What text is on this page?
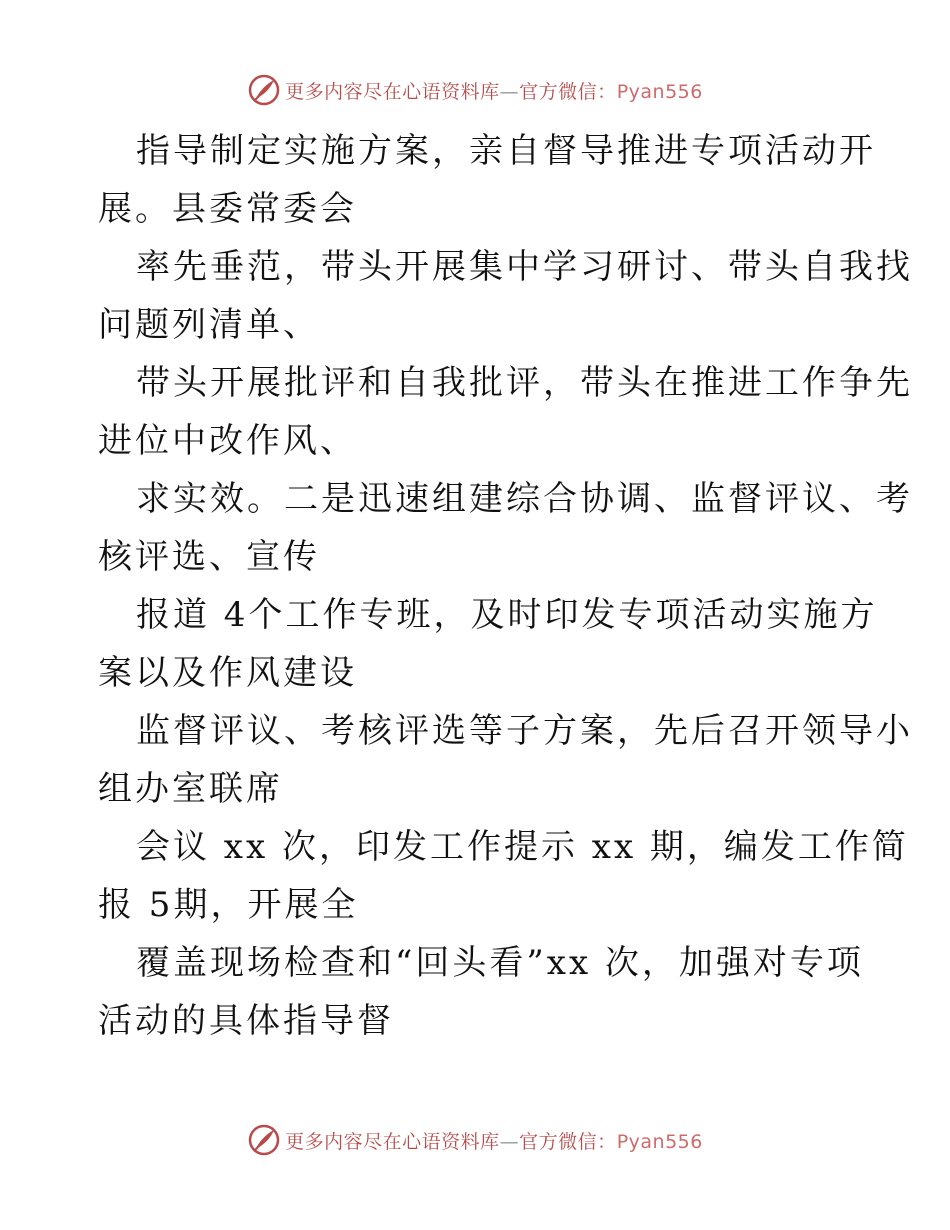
更多内容尽在心语资料库—官方微信：Pyan556
指导制定实施方案，亲自督导推进专项活动开
展。县委常委会
率先垂范，带头开展集中学习研讨、带头自我找
问题列清单、
带头开展批评和自我批评，带头在推进工作争先
进位中改作风、
求实效。二是迅速组建综合协调、监督评议、考
核评选、宣传
报道 4个工作专班，及时印发专项活动实施方
案以及作风建设
监督评议、考核评选等子方案，先后召开领导小
组办室联席
会议 xx 次，印发工作提示 xx 期，编发工作简
报 5期，开展全
覆盖现场检查和“回头看”xx 次，加强对专项
活动的具体指导督
更多内容尽在心语资料库—官方微信：Pyan556
